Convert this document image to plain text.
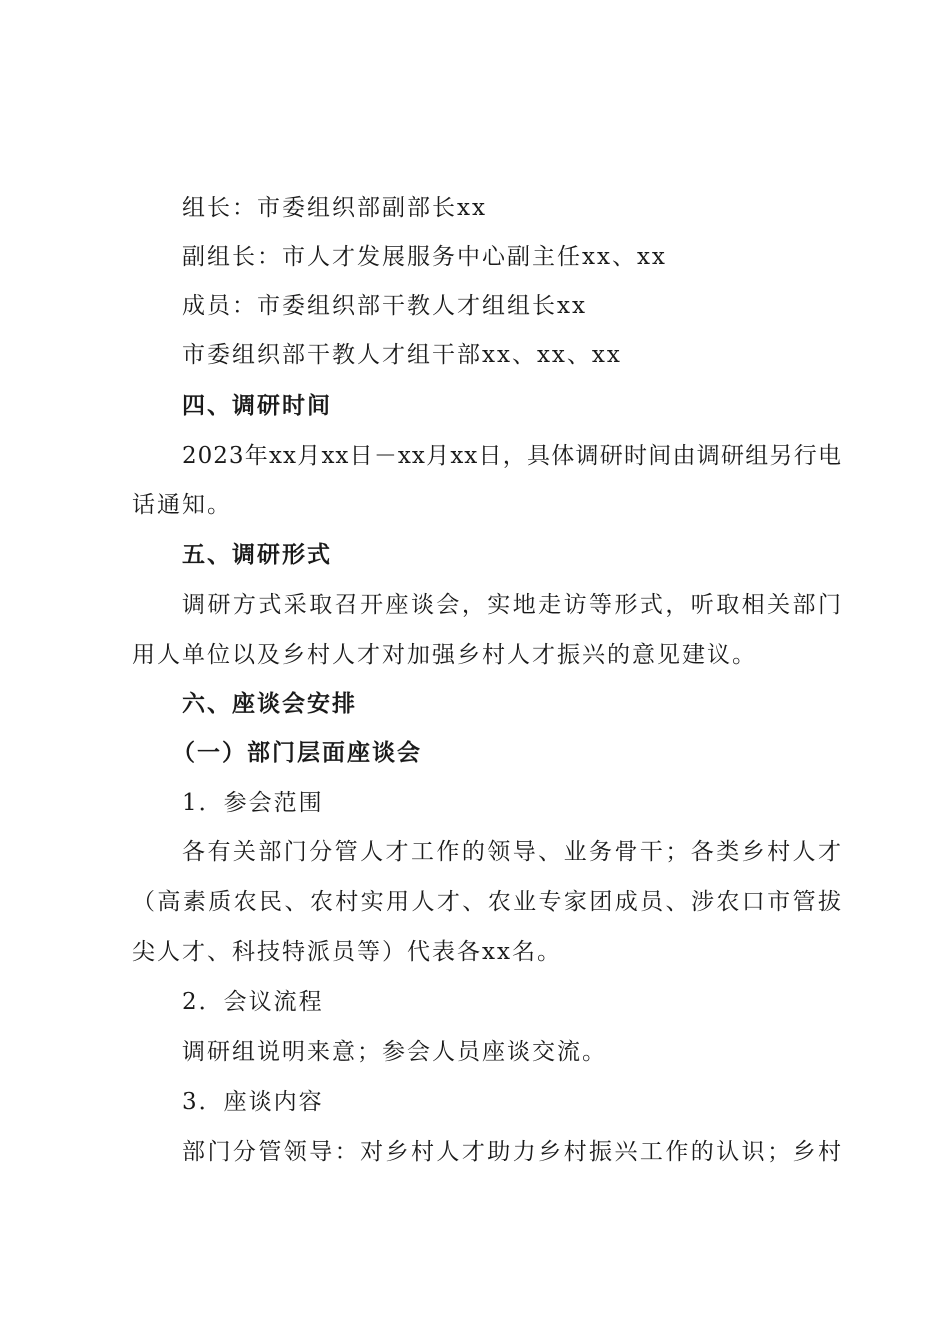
组长：市委组织部副部长xx
副组长：市人才发展服务中心副主任xx、xx
成员：市委组织部干教人才组组长xx
市委组织部干教人才组干部xx、xx、xx
四、调研时间
2023年xx月xx日－xx月xx日，具体调研时间由调研组另行电
话通知。
五、调研形式
调研方式采取召开座谈会，实地走访等形式，听取相关部门
用人单位以及乡村人才对加强乡村人才振兴的意见建议。
六、座谈会安排
（一）部门层面座谈会
1．参会范围
各有关部门分管人才工作的领导、业务骨干；各类乡村人才
（高素质农民、农村实用人才、农业专家团成员、涉农口市管拔
尖人才、科技特派员等）代表各xx名。
2．会议流程
调研组说明来意；参会人员座谈交流。
3．座谈内容
部门分管领导：对乡村人才助力乡村振兴工作的认识；乡村
